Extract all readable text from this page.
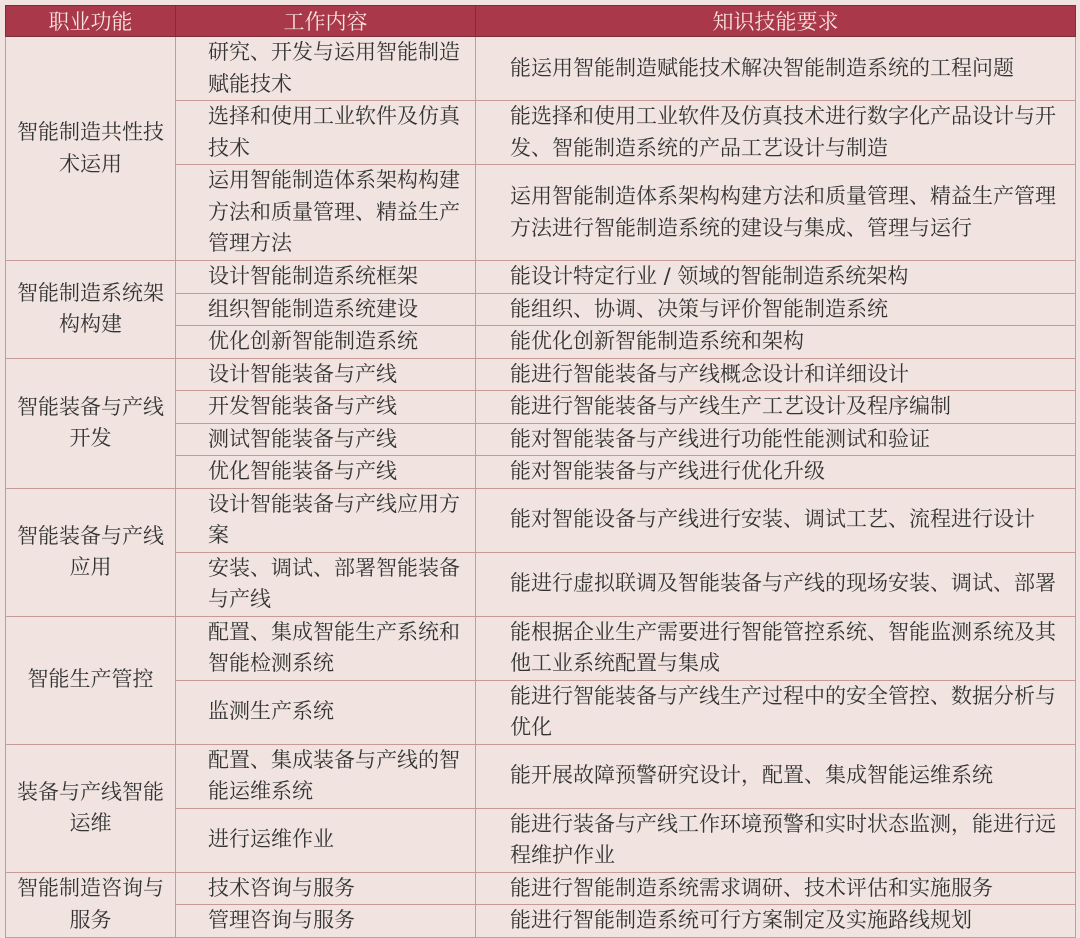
职业功能	工作内容	知识技能要求
智能制造共性技术运用	研究、开发与运用智能制造赋能技术	能运用智能制造赋能技术解决智能制造系统的工程问题
	选择和使用工业软件及仿真技术	能选择和使用工业软件及仿真技术进行数字化产品设计与开发、智能制造系统的产品工艺设计与制造
	运用智能制造体系架构构建方法和质量管理、精益生产管理方法	运用智能制造体系架构构建方法和质量管理、精益生产管理方法进行智能制造系统的建设与集成、管理与运行
智能制造系统架构构建	设计智能制造系统框架	能设计特定行业 / 领域的智能制造系统架构
	组织智能制造系统建设	能组织、协调、决策与评价智能制造系统
	优化创新智能制造系统	能优化创新智能制造系统和架构
智能装备与产线开发	设计智能装备与产线	能进行智能装备与产线概念设计和详细设计
	开发智能装备与产线	能进行智能装备与产线生产工艺设计及程序编制
	测试智能装备与产线	能对智能装备与产线进行功能性能测试和验证
	优化智能装备与产线	能对智能装备与产线进行优化升级
智能装备与产线应用	设计智能装备与产线应用方案	能对智能设备与产线进行安装、调试工艺、流程进行设计
	安装、调试、部署智能装备与产线	能进行虚拟联调及智能装备与产线的现场安装、调试、部署
智能生产管控	配置、集成智能生产系统和智能检测系统	能根据企业生产需要进行智能管控系统、智能监测系统及其他工业系统配置与集成
	监测生产系统	能进行智能装备与产线生产过程中的安全管控、数据分析与优化
装备与产线智能运维	配置、集成装备与产线的智能运维系统	能开展故障预警研究设计，配置、集成智能运维系统
	进行运维作业	能进行装备与产线工作环境预警和实时状态监测，能进行远程维护作业
智能制造咨询与服务	技术咨询与服务	能进行智能制造系统需求调研、技术评估和实施服务
	管理咨询与服务	能进行智能制造系统可行方案制定及实施路线规划
